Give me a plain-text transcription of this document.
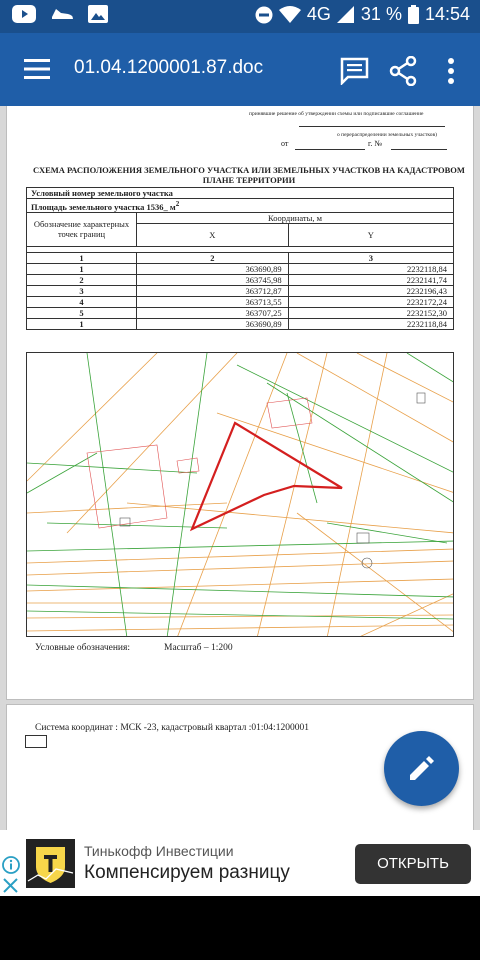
4G 31 % 14:54
01.04.1200001.87.doc
принявшие решение об утверждении схемы или подписавшие соглашение
о перераспределении земельных участков)
от	г. №
СХЕМА РАСПОЛОЖЕНИЯ ЗЕМЕЛЬНОГО УЧАСТКА ИЛИ ЗЕМЕЛЬНЫХ УЧАСТКОВ НА КАДАСТРОВОМ ПЛАНЕ ТЕРРИТОРИИ
Условный номер земельного участка		
Площадь земельного участка 1536_ $м^2$
Обозначение характерных точек границ	Координаты, м	
	X	Y

1	2	3
1	363690,89	2232118,84
2	363745,98	2232141,74
3	363712,87	2232196,43
4	363713,55	2232172,24
5	363707,25	2232152,30
1	363690,89	2232118,84
Условные обозначения:	Масштаб – 1:200
Система координат : МСК -23, кадастровый квартал :01:04:1200001
Тинькофф Инвестиции
Компенсируем разницу	ОТКРЫТЬ
